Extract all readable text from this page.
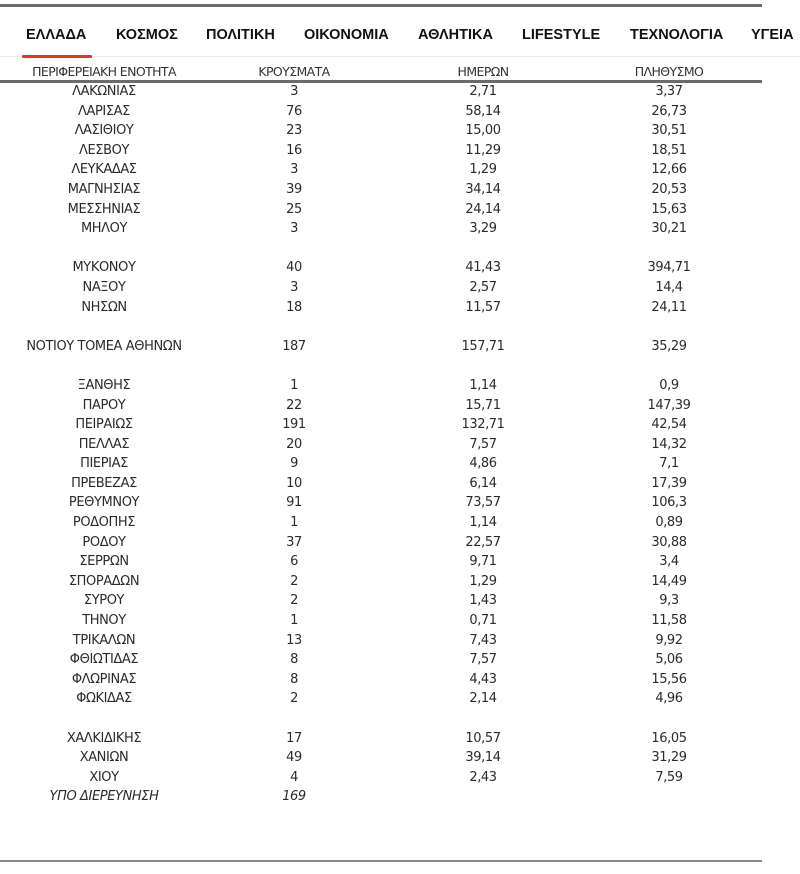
ΕΛΛΑΔΑ ΚΟΣΜΟΣ ΠΟΛΙΤΙΚΗ ΟΙΚΟΝΟΜΙΑ ΑΘΛΗΤΙΚΑ LIFESTYLE ΤΕΧΝΟΛΟΓΙΑ ΥΓΕΙΑ
ΠΕΡΙΦΕΡΕΙΑΚΗ ΕΝΟΤΗΤΑ	ΚΡΟΥΣΜΑΤΑ	ΗΜΕΡΩΝ	ΠΛΗΘΥΣΜΟ
ΛΑΚΩΝΙΑΣ	3	2,71	3,37
ΛΑΡΙΣΑΣ	76	58,14	26,73
ΛΑΣΙΘΙΟΥ	23	15,00	30,51
ΛΕΣΒΟΥ	16	11,29	18,51
ΛΕΥΚΑΔΑΣ	3	1,29	12,66
ΜΑΓΝΗΣΙΑΣ	39	34,14	20,53
ΜΕΣΣΗΝΙΑΣ	25	24,14	15,63
ΜΗΛΟΥ	3	3,29	30,21
ΜΥΚΟΝΟΥ	40	41,43	394,71
ΝΑΞΟΥ	3	2,57	14,4
ΝΗΣΩΝ	18	11,57	24,11
ΝΟΤΙΟΥ ΤΟΜΕΑ ΑΘΗΝΩΝ	187	157,71	35,29
ΞΑΝΘΗΣ	1	1,14	0,9
ΠΑΡΟΥ	22	15,71	147,39
ΠΕΙΡΑΙΩΣ	191	132,71	42,54
ΠΕΛΛΑΣ	20	7,57	14,32
ΠΙΕΡΙΑΣ	9	4,86	7,1
ΠΡΕΒΕΖΑΣ	10	6,14	17,39
ΡΕΘΥΜΝΟΥ	91	73,57	106,3
ΡΟΔΟΠΗΣ	1	1,14	0,89
ΡΟΔΟΥ	37	22,57	30,88
ΣΕΡΡΩΝ	6	9,71	3,4
ΣΠΟΡΑΔΩΝ	2	1,29	14,49
ΣΥΡΟΥ	2	1,43	9,3
ΤΗΝΟΥ	1	0,71	11,58
ΤΡΙΚΑΛΩΝ	13	7,43	9,92
ΦΘΙΩΤΙΔΑΣ	8	7,57	5,06
ΦΛΩΡΙΝΑΣ	8	4,43	15,56
ΦΩΚΙΔΑΣ	2	2,14	4,96
ΧΑΛΚΙΔΙΚΗΣ	17	10,57	16,05
ΧΑΝΙΩΝ	49	39,14	31,29
ΧΙΟΥ	4	2,43	7,59
ΥΠΟ ΔΙΕΡΕΥΝΗΣΗ	169
